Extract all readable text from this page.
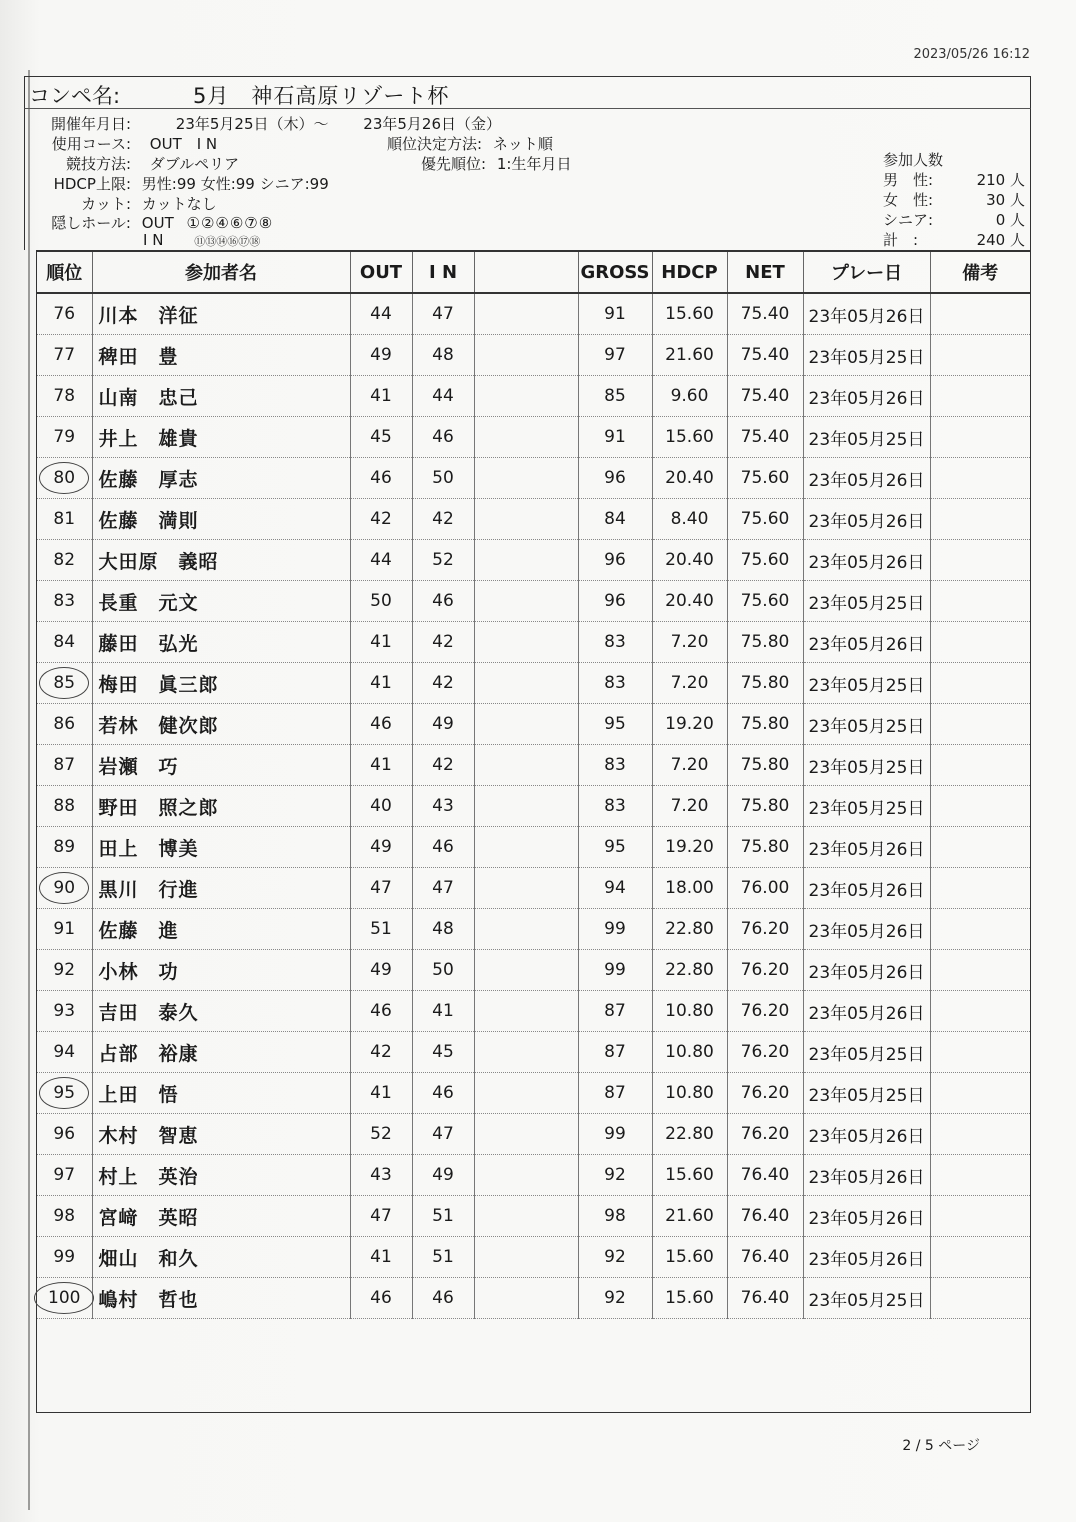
2023/05/26 16:12
コンペ名:	5月　神石高原リゾート杯
開催年月日:	23年5月25日（木）～ 23年5月26日（金）
使用コース: OUT　I N	順位決定方法: ネット順
競技方法: ダブルペリア	優先順位: 1:生年月日
HDCP上限: 男性:99 女性:99 シニア:99
カット: カットなし
隠しホール: OUT ①②④⑥⑦⑧
I N	⑪⑬⑭⑯⑰⑱
参加人数
男　性:	210 人
女　性:	30 人
シニア:	0 人
計　:	240 人
順位	参加者名	OUT	I N		GROSS	HDCP	NET	プレー日	備考
76	川本　洋征	44	47		91	15.60	75.40	23年05月26日	
77	稗田　豊	49	48		97	21.60	75.40	23年05月25日	
78	山南　忠己	41	44		85	9.60	75.40	23年05月26日	
79	井上　雄貴	45	46		91	15.60	75.40	23年05月25日	
80	佐藤　厚志	46	50		96	20.40	75.60	23年05月26日	
81	佐藤　満則	42	42		84	8.40	75.60	23年05月26日	
82	大田原　義昭	44	52		96	20.40	75.60	23年05月26日	
83	長重　元文	50	46		96	20.40	75.60	23年05月25日	
84	藤田　弘光	41	42		83	7.20	75.80	23年05月26日	
85	梅田　眞三郎	41	42		83	7.20	75.80	23年05月25日	
86	若林　健次郎	46	49		95	19.20	75.80	23年05月25日	
87	岩瀬　巧	41	42		83	7.20	75.80	23年05月25日	
88	野田　照之郎	40	43		83	7.20	75.80	23年05月25日	
89	田上　博美	49	46		95	19.20	75.80	23年05月26日	
90	黒川　行進	47	47		94	18.00	76.00	23年05月26日	
91	佐藤　進	51	48		99	22.80	76.20	23年05月26日	
92	小林　功	49	50		99	22.80	76.20	23年05月26日	
93	吉田　泰久	46	41		87	10.80	76.20	23年05月26日	
94	占部　裕康	42	45		87	10.80	76.20	23年05月25日	
95	上田　悟	41	46		87	10.80	76.20	23年05月25日	
96	木村　智恵	52	47		99	22.80	76.20	23年05月26日	
97	村上　英治	43	49		92	15.60	76.40	23年05月26日	
98	宮﨑　英昭	47	51		98	21.60	76.40	23年05月26日	
99	畑山　和久	41	51		92	15.60	76.40	23年05月26日	
100	嶋村　哲也	46	46		92	15.60	76.40	23年05月25日	
2 / 5 ページ
